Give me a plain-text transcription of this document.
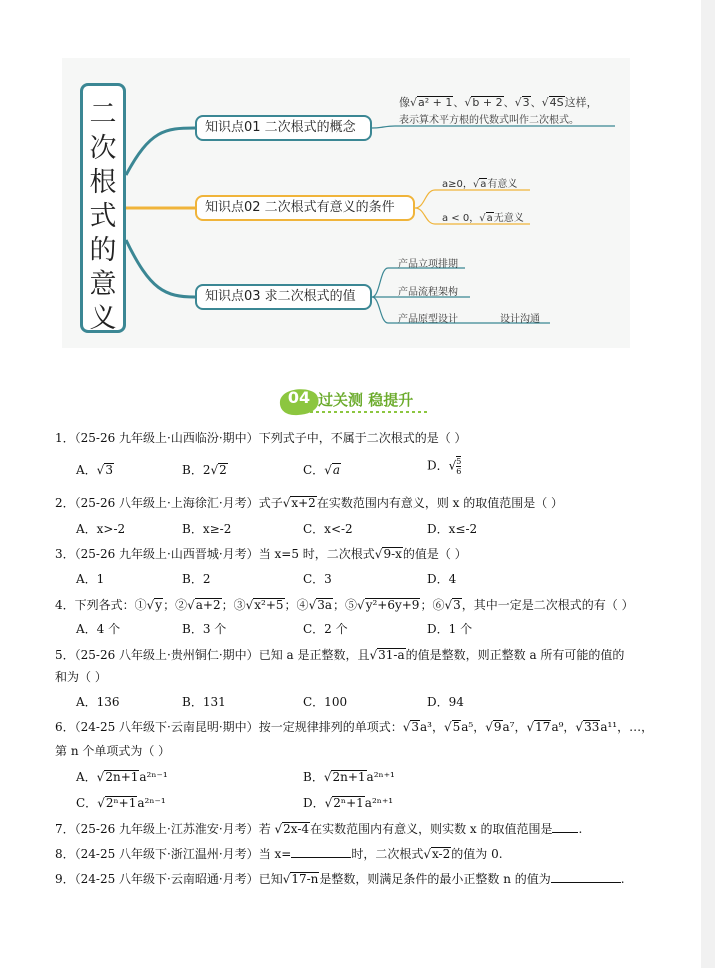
二
次
根
式
的
意
义
知识点01 二次根式的概念
知识点02 二次根式有意义的条件
知识点03 求二次根式的值
像√a² + 1、√b + 2、√3、√4S这样，
表示算术平方根的代数式叫作二次根式。
a≥0，√a有意义
a < 0，√a无意义
产品立项排期
产品流程架构
产品原型设计	设计沟通
04 过关测 稳提升
1．（25-26 九年级上·山西临汾·期中）下列式子中，不属于二次根式的是（ ）
A．√3	B．2√2	C．√a	D．√ $\frac{5}{6}$
2．（25-26 八年级上·上海徐汇·月考）式子√x+2在实数范围内有意义，则 x 的取值范围是（ ）
A．x>-2	B．x≥-2	C．x<-2	D．x≤-2
3．（25-26 九年级上·山西晋城·月考）当 x=5 时，二次根式√9-x的值是（ ）
A．1	B．2	C．3	D．4
4．下列各式：①√y；②√a+2；③√x²+5；④√3a；⑤√y²+6y+9；⑥√3，其中一定是二次根式的有（ ）
A．4 个	B．3 个	C．2 个	D．1 个
5．（25-26 八年级上·贵州铜仁·期中）已知 a 是正整数，且√31-a的值是整数，则正整数 a 所有可能的值的
和为（ ）
A．136	B．131	C．100	D．94
6．（24-25 八年级下·云南昆明·期中）按一定规律排列的单项式：√3a³，√5a⁵，√9a⁷，√17a⁹，√33a¹¹，…，
第 n 个单项式为（ ）
A．√2n+1a²ⁿ⁻¹	B．√2n+1a²ⁿ⁺¹
C．√2ⁿ+1a²ⁿ⁻¹	D．√2ⁿ+1a²ⁿ⁺¹
7．（25-26 九年级上·江苏淮安·月考）若 √2x-4在实数范围内有意义，则实数 x 的取值范围是 .
8．（24-25 八年级下·浙江温州·月考）当 x=	时，二次根式√x-2的值为 0.
9．（24-25 八年级下·云南昭通·月考）已知√17-n是整数，则满足条件的最小正整数 n 的值为	.
